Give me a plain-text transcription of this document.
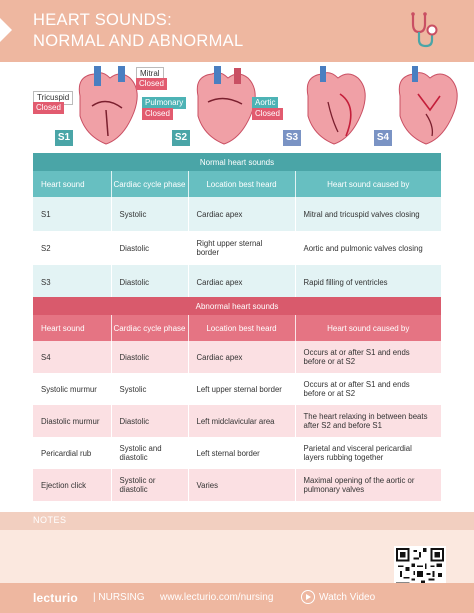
HEART SOUNDS:
NORMAL AND ABNORMAL
S1
Tricuspid
Closed
Mitral
Closed
S2
Pulmonary
Closed
Aortic
Closed
S3	S4
Normal heart sounds			
Heart sound	Cardiac cycle phase	Location best heard	Heart sound caused by
S1	Systolic	Cardiac apex	Mitral and tricuspid valves closing
S2	Diastolic	Right upper sternal border	Aortic and pulmonic valves closing
S3	Diastolic	Cardiac apex	Rapid filling of ventricles
Abnormal heart sounds			
Heart sound	Cardiac cycle phase	Location best heard	Heart sound caused by
S4	Diastolic	Cardiac apex	Occurs at or after S1 and ends before or at S2
Systolic murmur	Systolic	Left upper sternal border	Occurs at or after S1 and ends before or at S2
Diastolic murmur	Diastolic	Left midclavicular area	The heart relaxing in between beats after S2 and before S1
Pericardial rub	Systolic and diastolic	Left sternal border	Parietal and visceral pericardial layers rubbing together
Ejection click	Systolic or diastolic	Varies	Maximal opening of the aortic or pulmonary valves
NOTES
lecturio | NURSING www.lecturio.com/nursing	Watch Video
